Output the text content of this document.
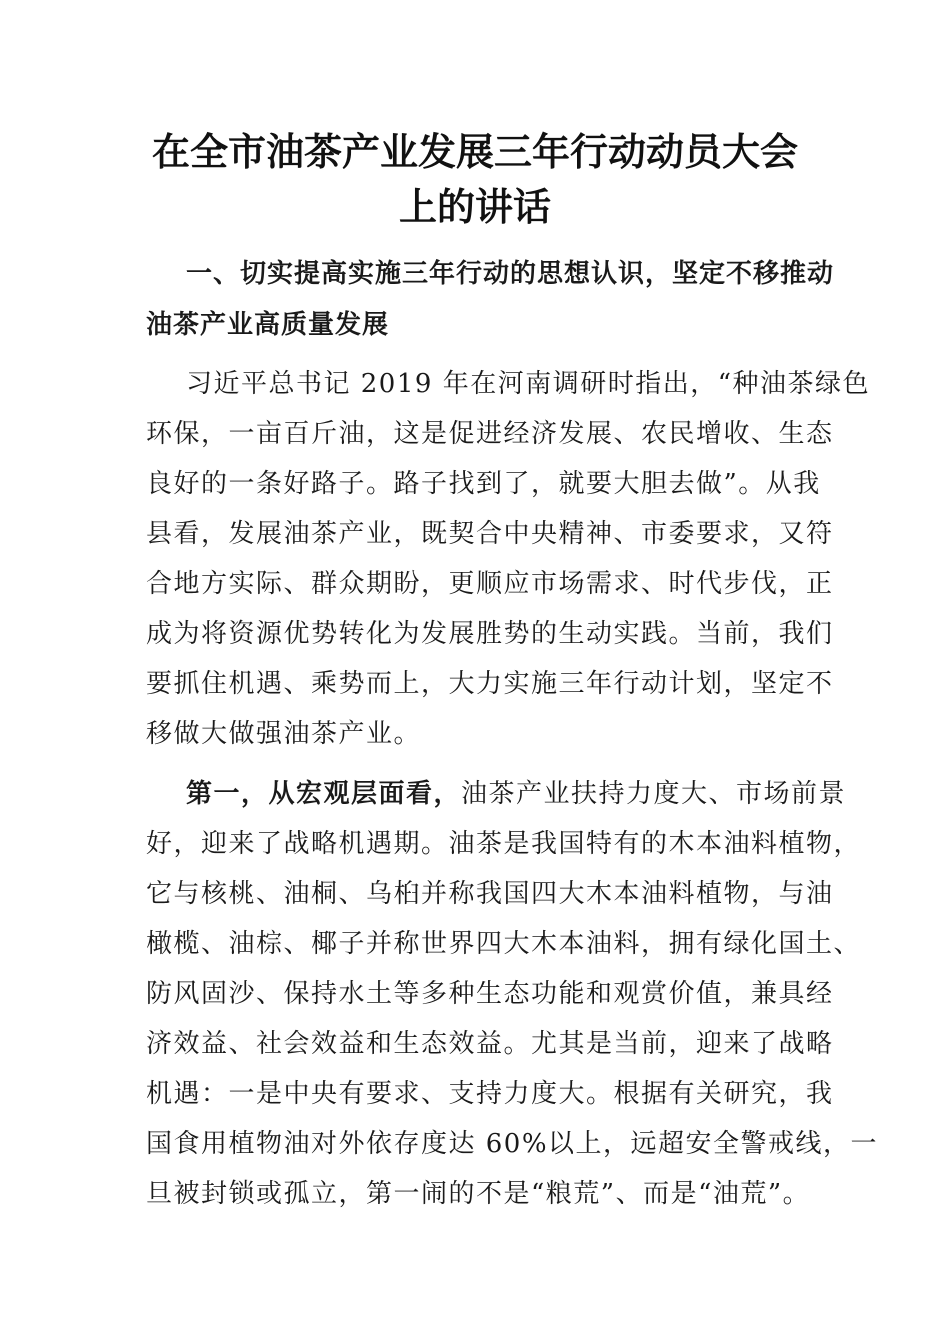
在全市油茶产业发展三年行动动员大会上的讲话
一、切实提高实施三年行动的思想认识，坚定不移推动
油茶产业高质量发展
习近平总书记 2019 年在河南调研时指出，“种油茶绿色
环保，一亩百斤油，这是促进经济发展、农民增收、生态
良好的一条好路子。路子找到了，就要大胆去做”。从我
县看，发展油茶产业，既契合中央精神、市委要求，又符
合地方实际、群众期盼，更顺应市场需求、时代步伐，正
成为将资源优势转化为发展胜势的生动实践。当前，我们
要抓住机遇、乘势而上，大力实施三年行动计划，坚定不
移做大做强油茶产业。
第一，从宏观层面看，油茶产业扶持力度大、市场前景
好，迎来了战略机遇期。油茶是我国特有的木本油料植物，
它与核桃、油桐、乌桕并称我国四大木本油料植物，与油
橄榄、油棕、椰子并称世界四大木本油料，拥有绿化国土、
防风固沙、保持水土等多种生态功能和观赏价值，兼具经
济效益、社会效益和生态效益。尤其是当前，迎来了战略
机遇：一是中央有要求、支持力度大。根据有关研究，我
国食用植物油对外依存度达 60%以上，远超安全警戒线，一
旦被封锁或孤立，第一闹的不是“粮荒”、而是“油荒”。
